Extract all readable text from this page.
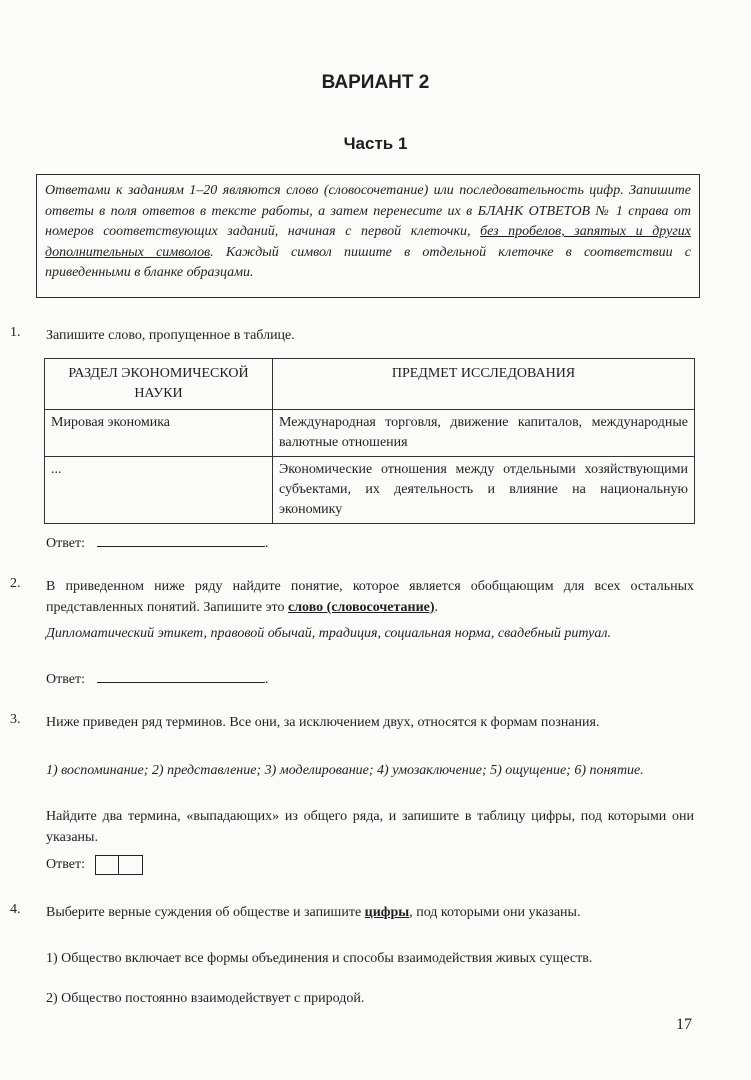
ВАРИАНТ 2
Часть 1
Ответами к заданиям 1–20 являются слово (словосочетание) или последовательность цифр. Запишите ответы в поля ответов в тексте работы, а затем перенесите их в БЛАНК ОТВЕТОВ № 1 справа от номеров соответствующих заданий, начиная с первой клеточки, без пробелов, запятых и других дополнительных символов. Каждый символ пишите в отдельной клеточке в соответствии с приведенными в бланке образцами.
1. Запишите слово, пропущенное в таблице.
РАЗДЕЛ ЭКОНОМИЧЕСКОЙ НАУКИ	ПРЕДМЕТ ИССЛЕДОВАНИЯ
Мировая экономика	Международная торговля, движение капиталов, международные валютные отношения
...	Экономические отношения между отдельными хозяйствующими субъектами, их деятельность и влияние на национальную экономику
Ответ:	.
2. В приведенном ниже ряду найдите понятие, которое является обобщающим для всех остальных представленных понятий. Запишите это слово (словосочетание).
Дипломатический этикет, правовой обычай, традиция, социальная норма, свадебный ритуал.
Ответ:	.
3. Ниже приведен ряд терминов. Все они, за исключением двух, относятся к формам познания.
1) воспоминание; 2) представление; 3) моделирование; 4) умозаключение; 5) ощущение; 6) понятие.
Найдите два термина, «выпадающих» из общего ряда, и запишите в таблицу цифры, под которыми они указаны.
Ответ:
4. Выберите верные суждения об обществе и запишите цифры, под которыми они указаны.
1) Общество включает все формы объединения и способы взаимодействия живых существ.
2) Общество постоянно взаимодействует с природой.
17
